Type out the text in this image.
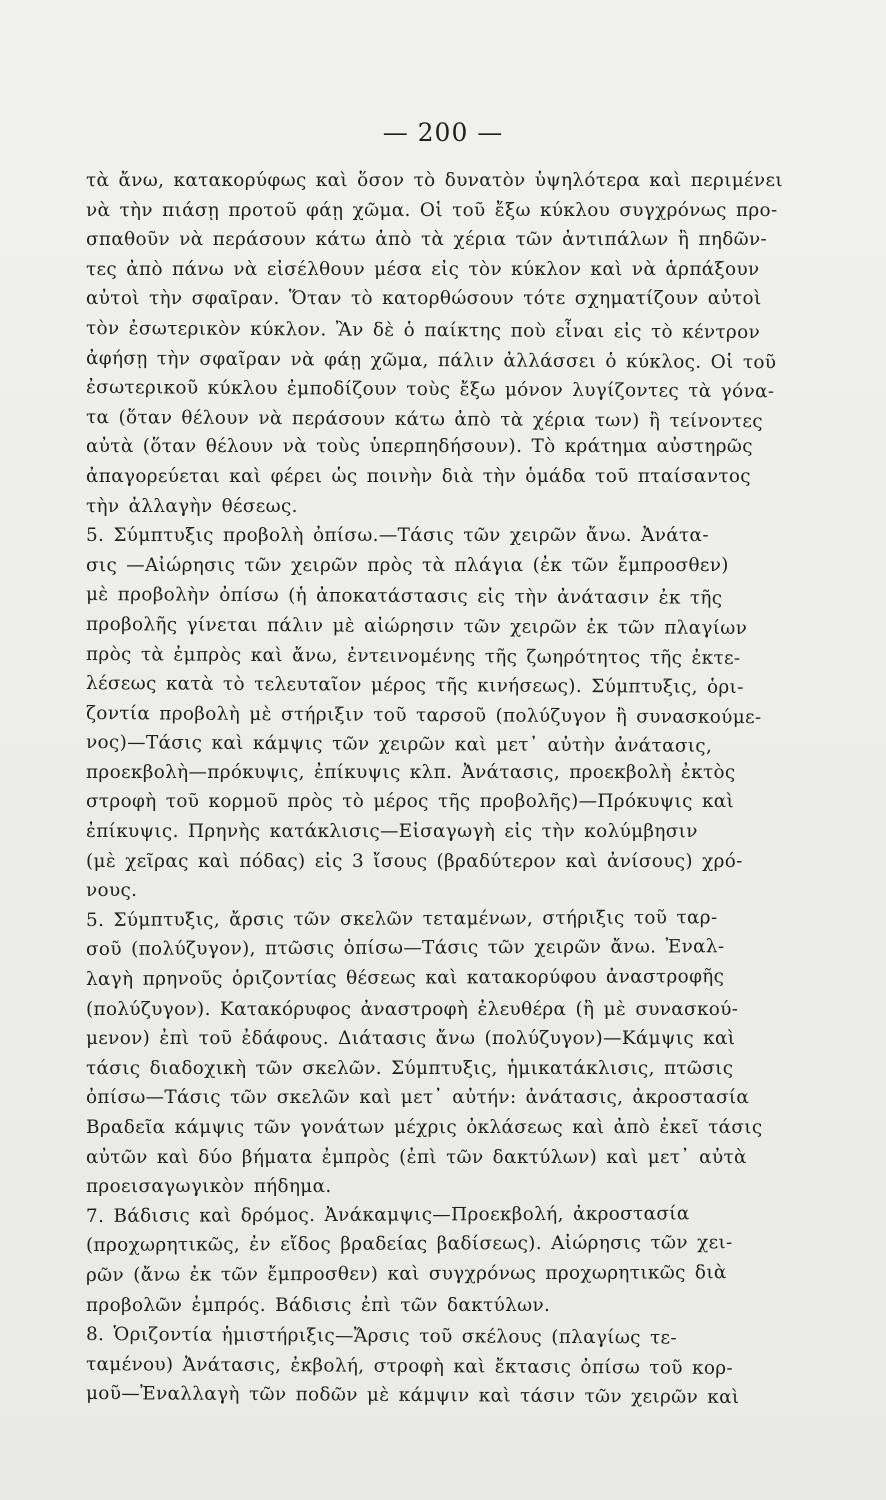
— 200 —
τὰ ἄνω, κατακορύφως καὶ ὅσον τὸ δυνατὸν ὑψηλότερα καὶ περιμένει
νὰ τὴν πιάσῃ προτοῦ φάῃ χῶμα. Οἱ τοῦ ἔξω κύκλου συγχρόνως προ-
σπαθοῦν νὰ περάσουν κάτω ἀπὸ τὰ χέρια τῶν ἀντιπάλων ἢ πηδῶν-
τες ἀπὸ πάνω νὰ εἰσέλθουν μέσα εἰς τὸν κύκλον καὶ νὰ ἁρπάξουν
αὐτοὶ τὴν σφαῖραν. Ὅταν τὸ κατορθώσουν τότε σχηματίζουν αὐτοὶ
τὸν ἐσωτερικὸν κύκλον. Ἂν δὲ ὁ παίκτης ποὺ εἶναι εἰς τὸ κέντρον
ἀφήσῃ τὴν σφαῖραν νὰ φάῃ χῶμα, πάλιν ἀλλάσσει ὁ κύκλος. Οἱ τοῦ
ἐσωτερικοῦ κύκλου ἐμποδίζουν τοὺς ἔξω μόνον λυγίζοντες τὰ γόνα-
τα (ὅταν θέλουν νὰ περάσουν κάτω ἀπὸ τὰ χέρια των) ἢ τείνοντες
αὐτὰ (ὅταν θέλουν νὰ τοὺς ὑπερπηδήσουν). Τὸ κράτημα αὐστηρῶς
ἀπαγορεύεται καὶ φέρει ὡς ποινὴν διὰ τὴν ὁμάδα τοῦ πταίσαντος
τὴν ἀλλαγὴν θέσεως.
5. Σύμπτυξις προβολὴ ὀπίσω.—Τάσις τῶν χειρῶν ἄνω. Ἀνάτα-
σις —Αἰώρησις τῶν χειρῶν πρὸς τὰ πλάγια (ἐκ τῶν ἔμπροσθεν)
μὲ προβολὴν ὀπίσω (ἡ ἀποκατάστασις εἰς τὴν ἀνάτασιν ἐκ τῆς
προβολῆς γίνεται πάλιν μὲ αἰώρησιν τῶν χειρῶν ἐκ τῶν πλαγίων
πρὸς τὰ ἐμπρὸς καὶ ἄνω, ἐντεινομένης τῆς ζωηρότητος τῆς ἐκτε-
λέσεως κατὰ τὸ τελευταῖον μέρος τῆς κινήσεως). Σύμπτυξις, ὁρι-
ζοντία προβολὴ μὲ στήριξιν τοῦ ταρσοῦ (πολύζυγον ἢ συνασκούμε-
νος)—Τάσις καὶ κάμψις τῶν χειρῶν καὶ μετ᾽ αὐτὴν ἀνάτασις,
προεκβολὴ—πρόκυψις, ἐπίκυψις κλπ. Ἀνάτασις, προεκβολὴ ἐκτὸς
στροφὴ τοῦ κορμοῦ πρὸς τὸ μέρος τῆς προβολῆς)—Πρόκυψις καὶ
ἐπίκυψις. Πρηνὴς κατάκλισις—Εἰσαγωγὴ εἰς τὴν κολύμβησιν
(μὲ χεῖρας καὶ πόδας) εἰς 3 ἴσους (βραδύτερον καὶ ἀνίσους) χρό-
νους.
5. Σύμπτυξις, ἄρσις τῶν σκελῶν τεταμένων, στήριξις τοῦ ταρ-
σοῦ (πολύζυγον), πτῶσις ὀπίσω—Τάσις τῶν χειρῶν ἄνω. Ἐναλ-
λαγὴ πρηνοῦς ὁριζοντίας θέσεως καὶ κατακορύφου ἀναστροφῆς
(πολύζυγον). Κατακόρυφος ἀναστροφὴ ἐλευθέρα (ἢ μὲ συνασκού-
μενον) ἐπὶ τοῦ ἐδάφους. Διάτασις ἄνω (πολύζυγον)—Κάμψις καὶ
τάσις διαδοχικὴ τῶν σκελῶν. Σύμπτυξις, ἡμικατάκλισις, πτῶσις
ὀπίσω—Τάσις τῶν σκελῶν καὶ μετ᾽ αὐτήν: ἀνάτασις, ἀκροστασία
Βραδεῖα κάμψις τῶν γονάτων μέχρις ὀκλάσεως καὶ ἀπὸ ἐκεῖ τάσις
αὐτῶν καὶ δύο βήματα ἐμπρὸς (ἐπὶ τῶν δακτύλων) καὶ μετ᾽ αὐτὰ
προεισαγωγικὸν πήδημα.
7. Βάδισις καὶ δρόμος. Ἀνάκαμψις—Προεκβολή, ἀκροστασία
(προχωρητικῶς, ἐν εἴδος βραδείας βαδίσεως). Αἰώρησις τῶν χει-
ρῶν (ἄνω ἐκ τῶν ἔμπροσθεν) καὶ συγχρόνως προχωρητικῶς διὰ
προβολῶν ἐμπρός. Βάδισις ἐπὶ τῶν δακτύλων.
8. Ὁριζοντία ἡμιστήριξις—Ἄρσις τοῦ σκέλους (πλαγίως τε-
ταμένου) Ἀνάτασις, ἐκβολή, στροφὴ καὶ ἔκτασις ὀπίσω τοῦ κορ-
μοῦ—Ἐναλλαγὴ τῶν ποδῶν μὲ κάμψιν καὶ τάσιν τῶν χειρῶν καὶ
